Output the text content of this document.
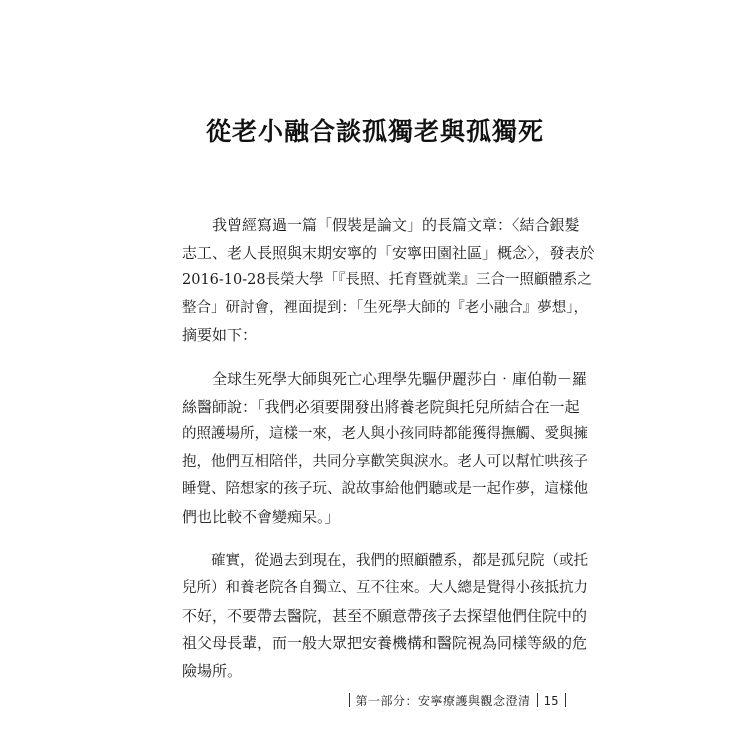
從老小融合談孤獨老與孤獨死
我曾經寫過一篇「假裝是論文」的長篇文章：〈結合銀髮
志工、老人長照與末期安寧的「安寧田園社區」概念〉，發表於
2016-10-28長榮大學「『長照、托育暨就業』三合一照顧體系之
整合」研討會，裡面提到：「生死學大師的『老小融合』夢想」，
摘要如下：
全球生死學大師與死亡心理學先驅伊麗莎白‧庫伯勒－羅
絲醫師說：「我們必須要開發出將養老院與托兒所結合在一起
的照護場所，這樣一來，老人與小孩同時都能獲得撫觸、愛與擁
抱，他們互相陪伴，共同分享歡笑與淚水。老人可以幫忙哄孩子
睡覺、陪想家的孩子玩、說故事給他們聽或是一起作夢，這樣他
們也比較不會變痴呆。」
確實，從過去到現在，我們的照顧體系，都是孤兒院（或托
兒所）和養老院各自獨立、互不往來。大人總是覺得小孩抵抗力
不好，不要帶去醫院，甚至不願意帶孩子去探望他們住院中的
祖父母長輩，而一般大眾把安養機構和醫院視為同樣等級的危
險場所。
第一部分：安寧療護與觀念澄清 15
